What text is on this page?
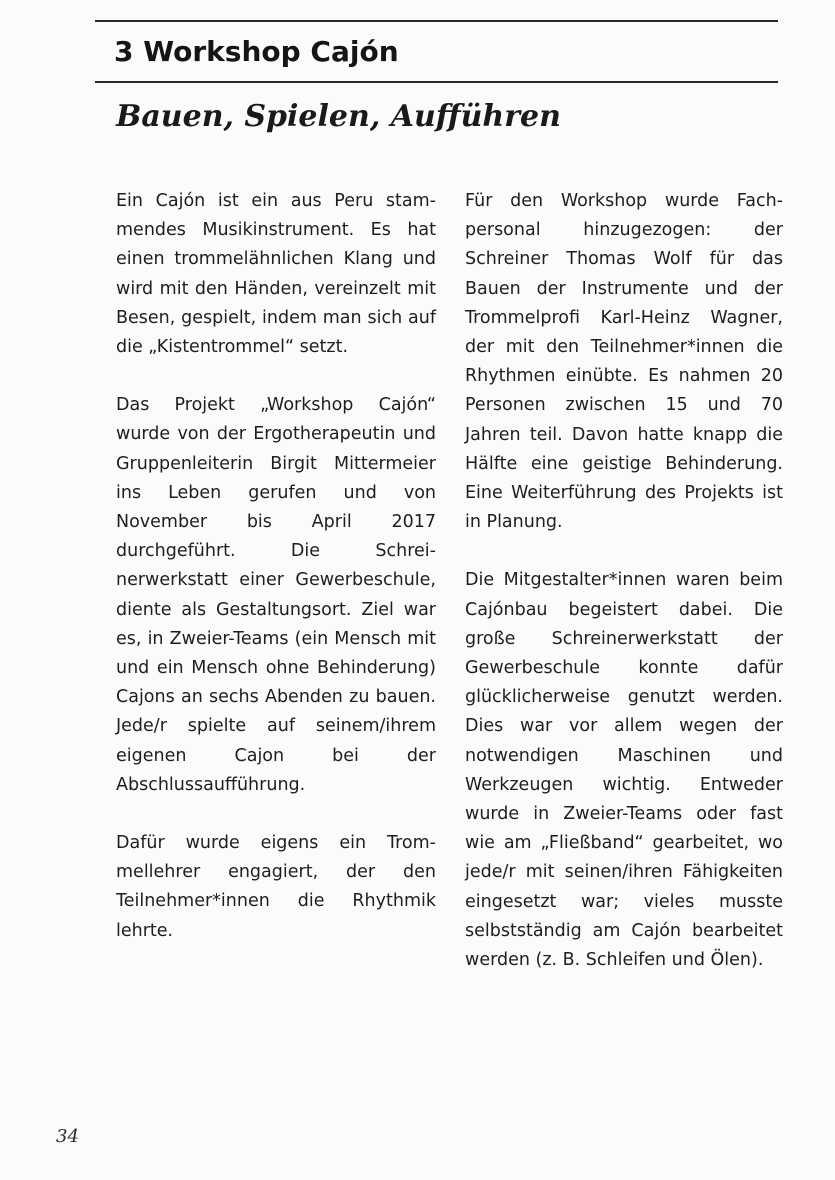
3 Workshop Cajón
Bauen, Spielen, Aufführen

Ein Cajón ist ein aus Peru stammendes Musikinstrument. Es hat einen trommelähnlichen Klang und wird mit den Händen, vereinzelt mit Besen, gespielt, indem man sich auf die „Kistentrommel“ setzt.

Das Projekt „Workshop Cajón“ wurde von der Ergotherapeutin und Gruppenleiterin Birgit Mittermeier ins Leben gerufen und von November bis April 2017 durchgeführt. Die Schreinerwerkstatt einer Gewerbeschule, diente als Gestaltungsort. Ziel war es, in Zweier-Teams (ein Mensch mit und ein Mensch ohne Behinderung) Cajons an sechs Abenden zu bauen. Jede/r spielte auf seinem/ihrem eigenen Cajon bei der Abschlussaufführung.

Dafür wurde eigens ein Trommellehrer engagiert, der den Teilnehmer*innen die Rhythmik lehrte.

Für den Workshop wurde Fachpersonal hinzugezogen: der Schreiner Thomas Wolf für das Bauen der Instrumente und der Trommelprofi Karl-Heinz Wagner, der mit den Teilnehmer*innen die Rhythmen einübte. Es nahmen 20 Personen zwischen 15 und 70 Jahren teil. Davon hatte knapp die Hälfte eine geistige Behinderung. Eine Weiterführung des Projekts ist in Planung.

Die Mitgestalter*innen waren beim Cajónbau begeistert dabei. Die große Schreinerwerkstatt der Gewerbeschule konnte dafür glücklicherweise genutzt werden. Dies war vor allem wegen der notwendigen Maschinen und Werkzeugen wichtig. Entweder wurde in Zweier-Teams oder fast wie am „Fließband“ gearbeitet, wo jede/r mit seinen/ihren Fähigkeiten eingesetzt war; vieles musste selbstständig am Cajón bearbeitet werden (z. B. Schleifen und Ölen).

34
